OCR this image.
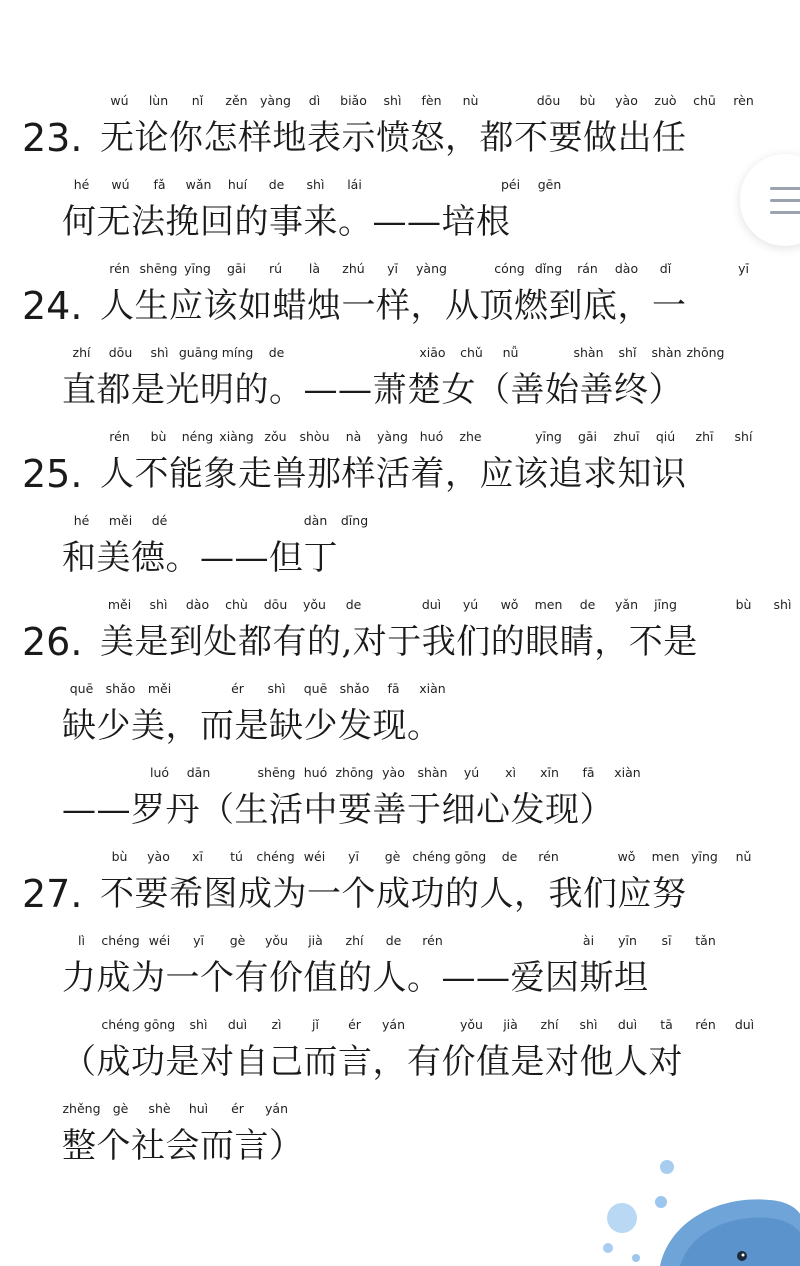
23. 无论你怎样地表示愤怒，都不要做出任
wú lùn nǐ zěn yàng dì biǎo shì fèn nù	dōu bù yào zuò chū rèn
何无法挽回的事来。——培根
hé wú fǎ wǎn huí de shì lái	péi gēn
24. 人生应该如蜡烛一样，从顶燃到底，一
rén shēng yīng gāi rú là zhú yī yàng	cóng dǐng rán dào dǐ	yī
直都是光明的。——萧楚女（善始善终）
zhí dōu shì guāng míng de	xiāo chǔ nǚ	shàn shǐ shàn zhōng
25. 人不能象走兽那样活着，应该追求知识
rén bù néng xiàng zǒu shòu nà yàng huó zhe	yīng gāi zhuī qiú zhī shí
和美德。——但丁
hé měi dé	dàn dīng
26. 美是到处都有的,对于我们的眼睛，不是
měi shì dào chù dōu yǒu de	duì yú wǒ men de yǎn jīng	bù shì
缺少美，而是缺少发现。
quē shǎo měi	ér shì quē shǎo fā xiàn
——罗丹（生活中要善于细心发现）
luó dān	shēng huó zhōng yào shàn yú xì xīn fā xiàn
27. 不要希图成为一个成功的人，我们应努
bù yào xī tú chéng wéi yī gè chéng gōng de rén	wǒ men yīng nǔ
力成为一个有价值的人。——爱因斯坦
lì chéng wéi yī gè yǒu jià zhí de rén	ài yīn sī tǎn
（成功是对自己而言，有价值是对他人对
chéng gōng shì duì zì jǐ ér yán	yǒu jià zhí shì duì tā rén duì
整个社会而言）
zhěng gè shè huì ér yán
